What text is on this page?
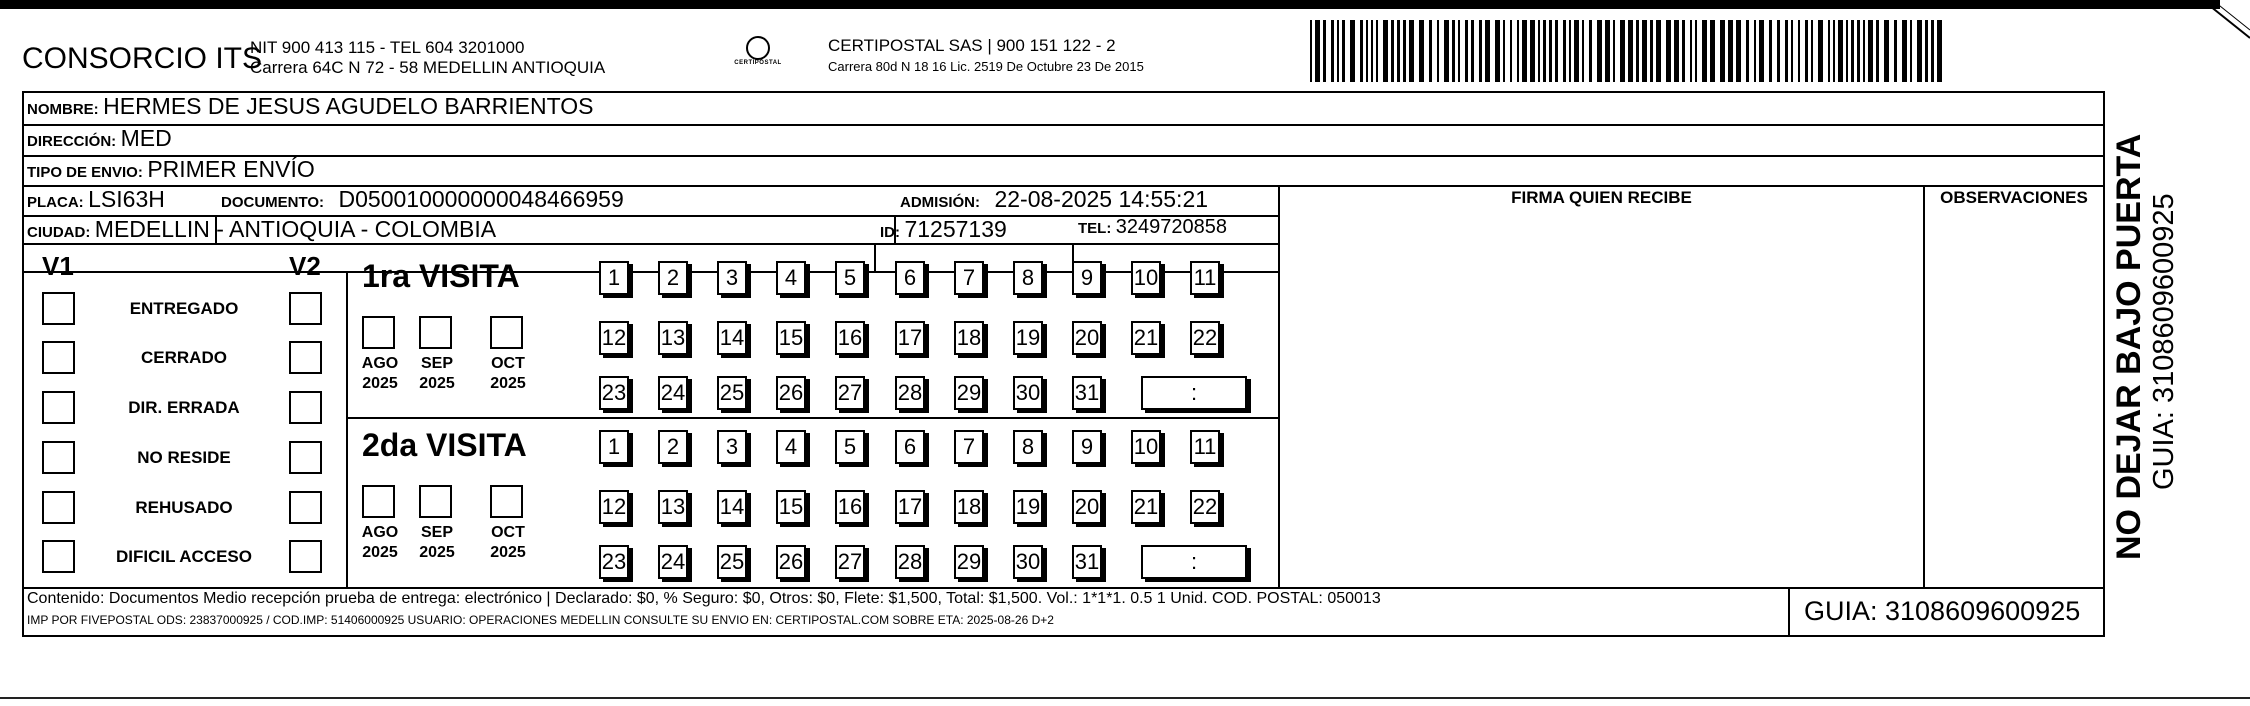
CONSORCIO ITS
NIT 900 413 115 - TEL 604 3201000
Carrera 64C N 72 - 58 MEDELLIN ANTIOQUIA	CERTIPOSTAL
CERTIPOSTAL SAS | 900 151 122 - 2
Carrera 80d N 18 16 Lic. 2519 De Octubre 23 De 2015
NOMBRE: HERMES DE JESUS AGUDELO BARRIENTOS
DIRECCIÓN: MED
TIPO DE ENVIO: PRIMER ENVÍO
PLACA: LSI63H	DOCUMENTO: D050010000000048466959	ADMISIÓN: 22-08-2025 14:55:21
CIUDAD: MEDELLIN - ANTIOQUIA - COLOMBIA	ID: 71257139	TEL: 3249720858
FIRMA QUIEN RECIBE	OBSERVACIONES
V1	V2 1ra VISITA
2da VISITA
Contenido: Documentos Medio recepción prueba de entrega: electrónico | Declarado: $0, % Seguro: $0, Otros: $0, Flete: $1,500, Total: $1,500. Vol.: 1*1*1. 0.5 1 Unid. COD. POSTAL: 050013
IMP POR FIVEPOSTAL ODS: 23837000925 / COD.IMP: 51406000925 USUARIO: OPERACIONES MEDELLIN CONSULTE SU ENVIO EN: CERTIPOSTAL.COM SOBRE ETA: 2025-08-26 D+2	GUIA: 3108609600925
ENTREGADO
CERRADO
DIR. ERRADA
NO RESIDE
REHUSADO
DIFICIL ACCESO
AGO
2025
SEP
2025
OCT
2025
1	2	3	4	5	6	7	8	9	10 11
12 13 14 15 16 17 18 19 20 21 22
23 24 25 26 27 28 29 30 31	:
AGO
2025
SEP
2025
OCT
2025
1	2	3	4	5	6	7	8	9	10 11
12 13 14 15 16 17 18 19 20 21 22
23 24 25 26 27 28 29 30 31	:
NO DEJAR BAJO PUERTA GUIA: 3108609600925
